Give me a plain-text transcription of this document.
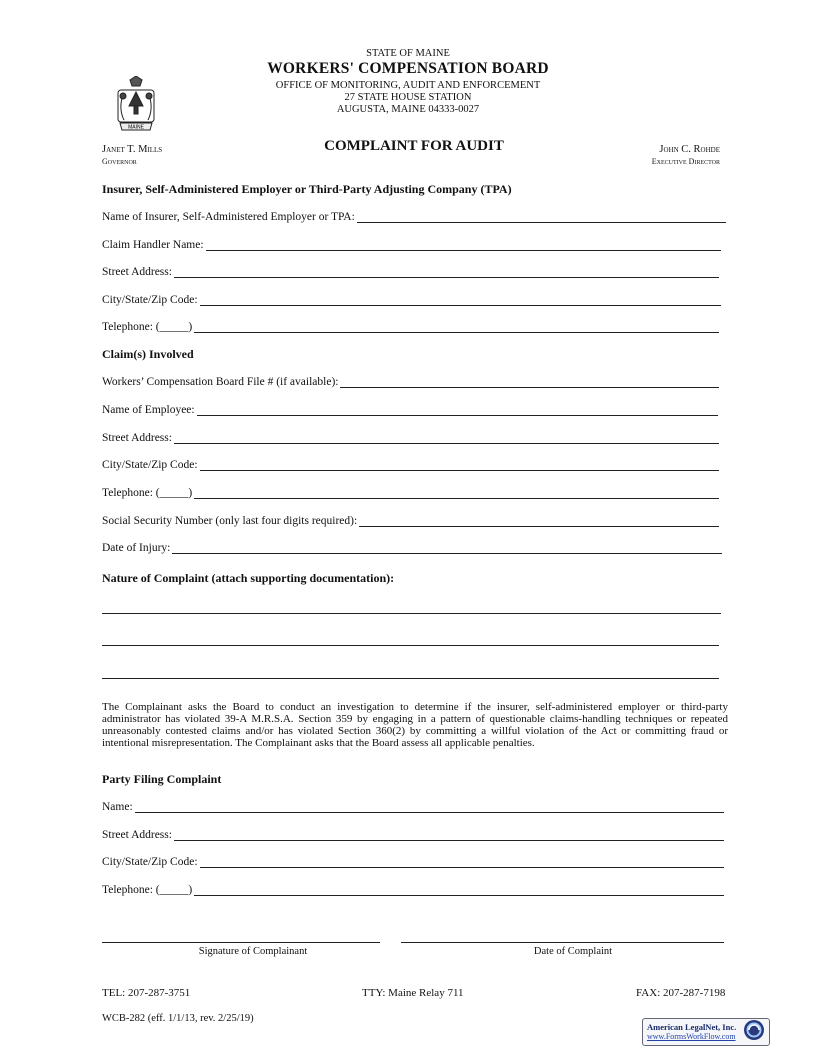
STATE OF MAINE
WORKERS' COMPENSATION BOARD
OFFICE OF MONITORING, AUDIT AND ENFORCEMENT
27 STATE HOUSE STATION
AUGUSTA, MAINE 04333-0027
MAINE
Janet T. Mills
Governor
COMPLAINT FOR AUDIT	John C. Rohde
Executive Director
Insurer, Self-Administered Employer or Third-Party Adjusting Company (TPA)
Name of Insurer, Self-Administered Employer or TPA:
Claim Handler Name:
Street Address:
City/State/Zip Code:
Telephone: (_____)
Claim(s) Involved
Workers’ Compensation Board File # (if available):
Name of Employee:
Street Address:
City/State/Zip Code:
Telephone: (_____)
Social Security Number (only last four digits required):
Date of Injury:
Nature of Complaint (attach supporting documentation):
The Complainant asks the Board to conduct an investigation to determine if the insurer, self-administered employer or third-party administrator has violated 39-A M.R.S.A. Section 359 by engaging in a pattern of questionable claims-handling techniques or repeated unreasonably contested claims and/or has violated Section 360(2) by committing a willful violation of the Act or committing fraud or intentional misrepresentation. The Complainant asks that the Board assess all applicable penalties.
Party Filing Complaint
Name:
Street Address:
City/State/Zip Code:
Telephone: (_____)
Signature of Complainant	Date of Complaint
TEL: 207-287-3751	TTY: Maine Relay 711	FAX: 207-287-7198
WCB-282 (eff. 1/1/13, rev. 2/25/19)
American LegalNet, Inc.
www.FormsWorkFlow.com
